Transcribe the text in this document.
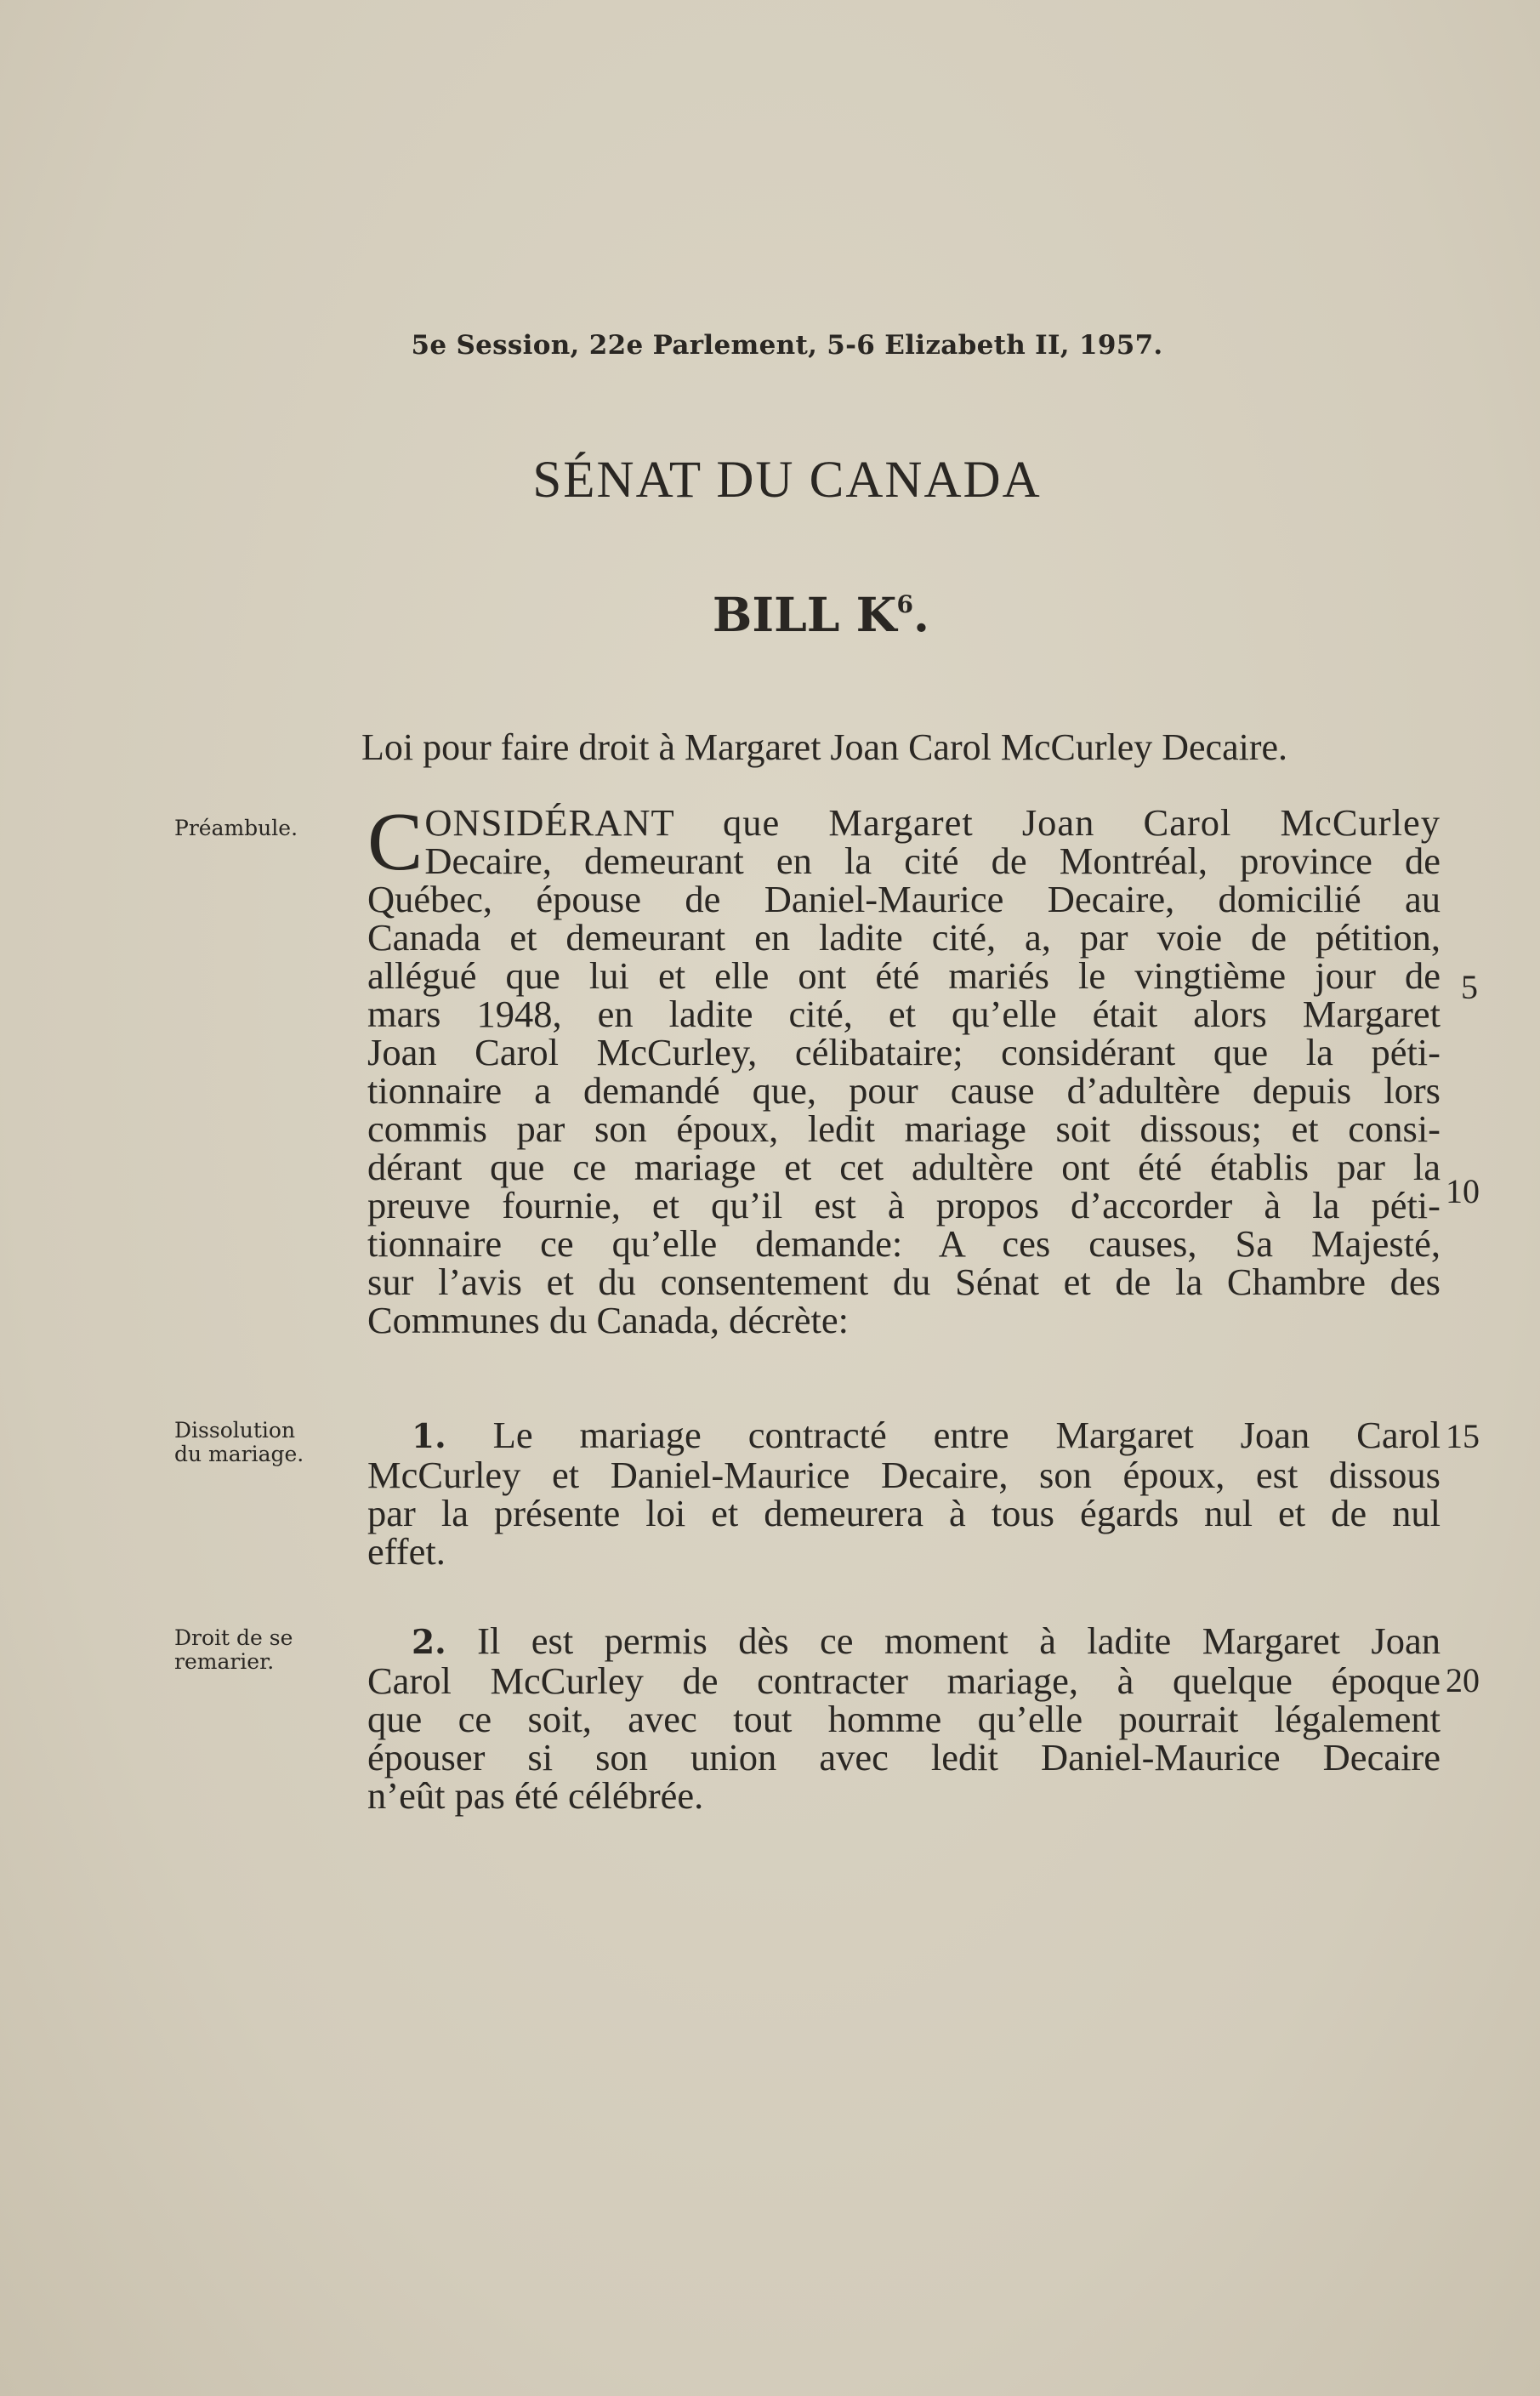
5e Session, 22e Parlement, 5-6 Elizabeth II, 1957.
SÉNAT DU CANADA
BILL $K^6$.
Loi pour faire droit à Margaret Joan Carol McCurley Decaire.
Préambule. C ONSIDÉRANT que Margaret Joan Carol McCurley
Decaire, demeurant en la cité de Montréal, province de
Québec, épouse de Daniel-Maurice Decaire, domicilié au
Canada et demeurant en ladite cité, a, par voie de pétition,
allégué que lui et elle ont été mariés le vingtième jour de
mars 1948, en ladite cité, et qu’elle était alors Margaret
Joan Carol McCurley, célibataire; considérant que la péti-
tionnaire a demandé que, pour cause d’adultère depuis lors
commis par son époux, ledit mariage soit dissous; et consi-
dérant que ce mariage et cet adultère ont été établis par la
preuve fournie, et qu’il est à propos d’accorder à la péti-
tionnaire ce qu’elle demande: A ces causes, Sa Majesté,
sur l’avis et du consentement du Sénat et de la Chambre des
Communes du Canada, décrète:
Dissolution
du mariage.	1. Le mariage contracté entre Margaret Joan Carol
McCurley et Daniel-Maurice Decaire, son époux, est dissous
par la présente loi et demeurera à tous égards nul et de nul
effet.
Droit de se
remarier.	2. Il est permis dès ce moment à ladite Margaret Joan
Carol McCurley de contracter mariage, à quelque époque
que ce soit, avec tout homme qu’elle pourrait légalement
épouser si son union avec ledit Daniel-Maurice Decaire
n’eût pas été célébrée.
5
10
15
20
